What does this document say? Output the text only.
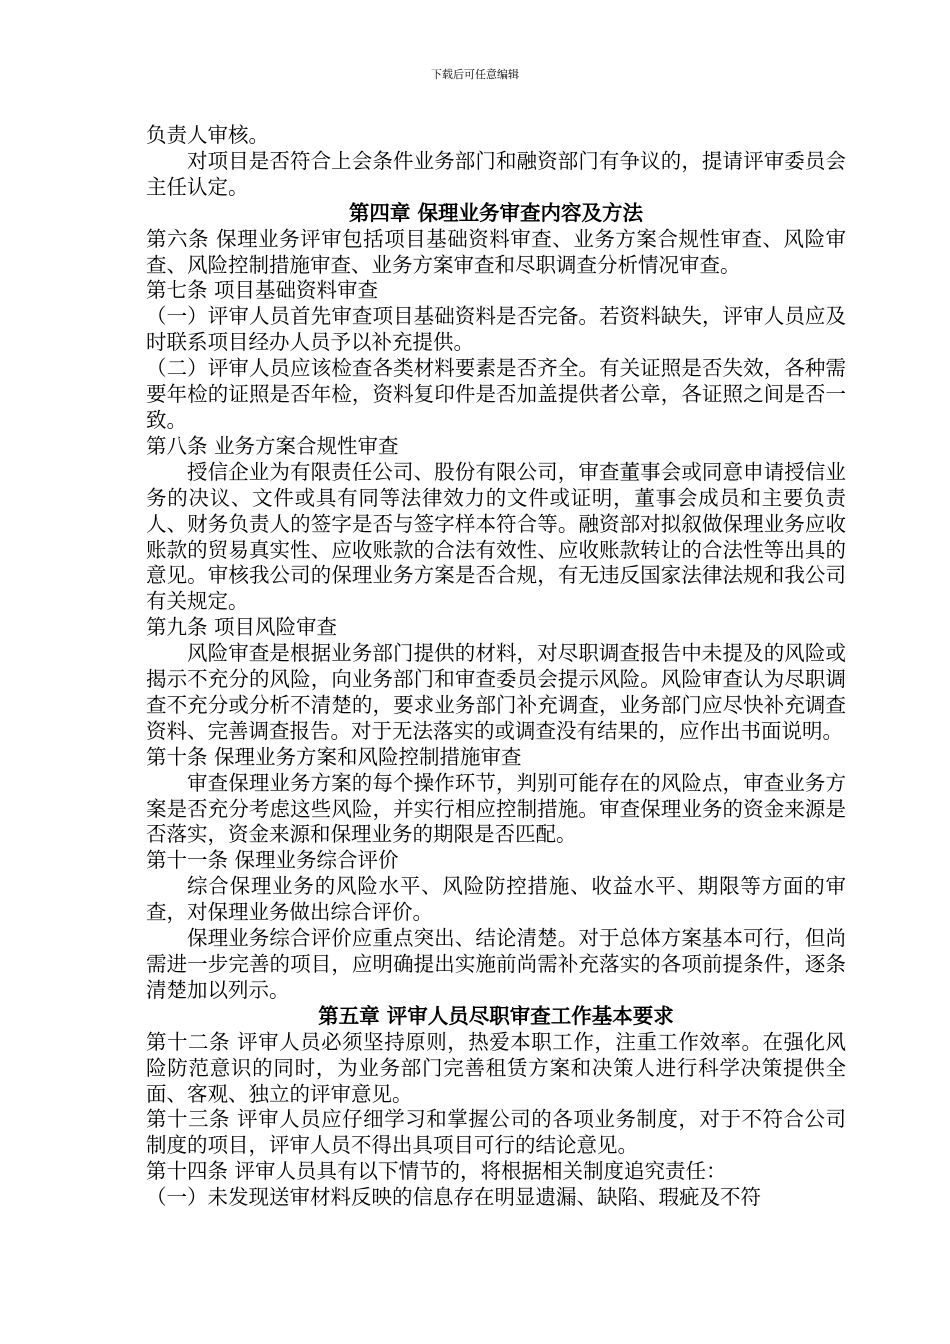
下载后可任意编辑

负责人审核。

对项目是否符合上会条件业务部门和融资部门有争议的，提请评审委员会主任认定。

第四章 保理业务审查内容及方法

第六条 保理业务评审包括项目基础资料审查、业务方案合规性审查、风险审查、风险控制措施审查、业务方案审查和尽职调查分析情况审查。

第七条 项目基础资料审查

（一）评审人员首先审查项目基础资料是否完备。若资料缺失，评审人员应及时联系项目经办人员予以补充提供。

（二）评审人员应该检查各类材料要素是否齐全。有关证照是否失效，各种需要年检的证照是否年检，资料复印件是否加盖提供者公章，各证照之间是否一致。

第八条 业务方案合规性审查

授信企业为有限责任公司、股份有限公司，审查董事会或同意申请授信业务的决议、文件或具有同等法律效力的文件或证明，董事会成员和主要负责人、财务负责人的签字是否与签字样本符合等。融资部对拟叙做保理业务应收账款的贸易真实性、应收账款的合法有效性、应收账款转让的合法性等出具的意见。审核我公司的保理业务方案是否合规，有无违反国家法律法规和我公司有关规定。

第九条 项目风险审查

风险审查是根据业务部门提供的材料，对尽职调查报告中未提及的风险或揭示不充分的风险，向业务部门和审查委员会提示风险。风险审查认为尽职调查不充分或分析不清楚的，要求业务部门补充调查，业务部门应尽快补充调查资料、完善调查报告。对于无法落实的或调查没有结果的，应作出书面说明。

第十条 保理业务方案和风险控制措施审查

审查保理业务方案的每个操作环节，判别可能存在的风险点，审查业务方案是否充分考虑这些风险，并实行相应控制措施。审查保理业务的资金来源是否落实，资金来源和保理业务的期限是否匹配。

第十一条 保理业务综合评价

综合保理业务的风险水平、风险防控措施、收益水平、期限等方面的审查，对保理业务做出综合评价。

保理业务综合评价应重点突出、结论清楚。对于总体方案基本可行，但尚需进一步完善的项目，应明确提出实施前尚需补充落实的各项前提条件，逐条清楚加以列示。

第五章 评审人员尽职审查工作基本要求

第十二条 评审人员必须坚持原则，热爱本职工作，注重工作效率。在强化风险防范意识的同时，为业务部门完善租赁方案和决策人进行科学决策提供全面、客观、独立的评审意见。

第十三条 评审人员应仔细学习和掌握公司的各项业务制度，对于不符合公司制度的项目，评审人员不得出具项目可行的结论意见。

第十四条 评审人员具有以下情节的，将根据相关制度追究责任：

（一）未发现送审材料反映的信息存在明显遗漏、缺陷、瑕疵及不符
